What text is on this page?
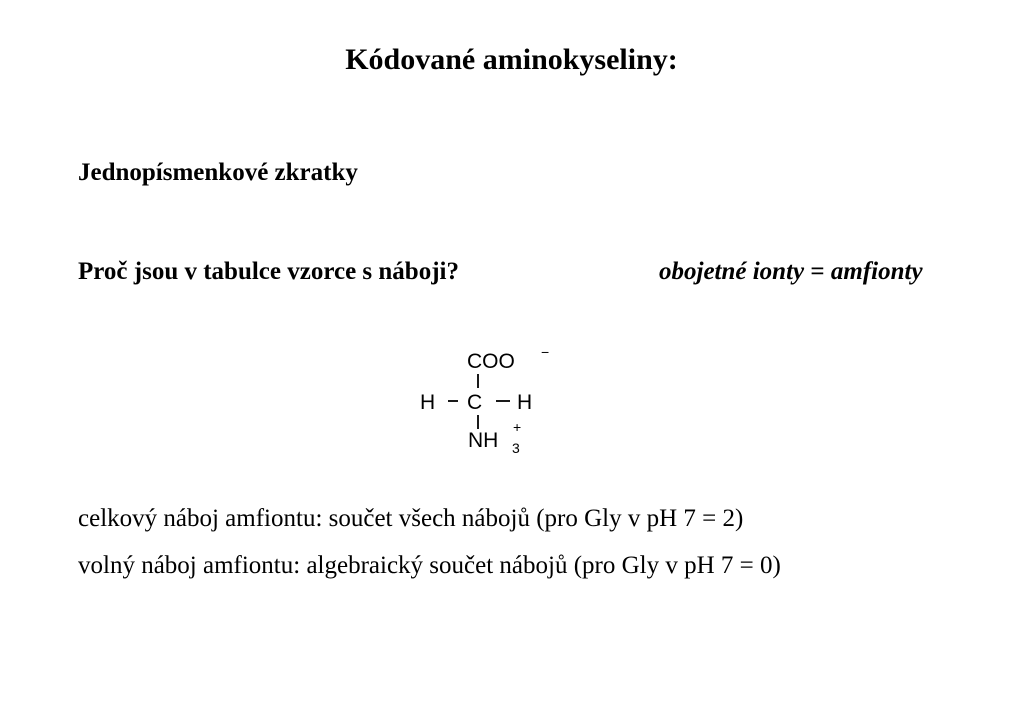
Kódované aminokyseliny:
Jednopísmenkové zkratky
Proč jsou v tabulce vzorce s náboji?	obojetné ionty = amfionty
COO −
H C H
NH 3
+
celkový náboj amfiontu: součet všech nábojů (pro Gly v pH 7 = 2)
volný náboj amfiontu: algebraický součet nábojů (pro Gly v pH 7 = 0)
